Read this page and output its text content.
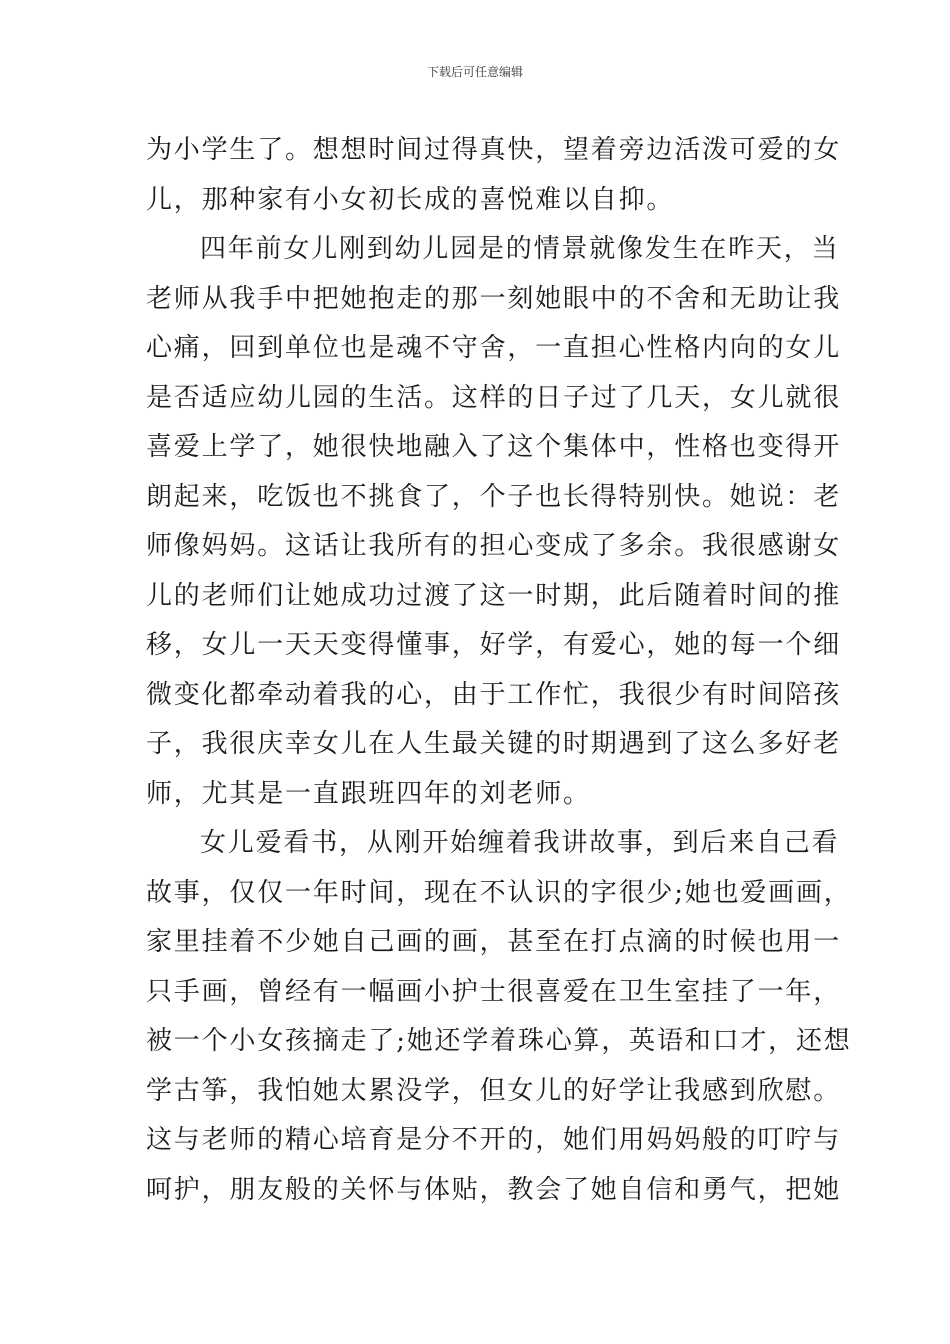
下载后可任意编辑
为小学生了。想想时间过得真快，望着旁边活泼可爱的女
儿，那种家有小女初长成的喜悦难以自抑。
四年前女儿刚到幼儿园是的情景就像发生在昨天，当
老师从我手中把她抱走的那一刻她眼中的不舍和无助让我
心痛，回到单位也是魂不守舍，一直担心性格内向的女儿
是否适应幼儿园的生活。这样的日子过了几天，女儿就很
喜爱上学了，她很快地融入了这个集体中，性格也变得开
朗起来，吃饭也不挑食了，个子也长得特别快。她说：老
师像妈妈。这话让我所有的担心变成了多余。我很感谢女
儿的老师们让她成功过渡了这一时期，此后随着时间的推
移，女儿一天天变得懂事，好学，有爱心，她的每一个细
微变化都牵动着我的心，由于工作忙，我很少有时间陪孩
子，我很庆幸女儿在人生最关键的时期遇到了这么多好老
师，尤其是一直跟班四年的刘老师。
女儿爱看书，从刚开始缠着我讲故事，到后来自己看
故事，仅仅一年时间，现在不认识的字很少;她也爱画画，
家里挂着不少她自己画的画，甚至在打点滴的时候也用一
只手画，曾经有一幅画小护士很喜爱在卫生室挂了一年，
被一个小女孩摘走了;她还学着珠心算，英语和口才，还想
学古筝，我怕她太累没学，但女儿的好学让我感到欣慰。
这与老师的精心培育是分不开的，她们用妈妈般的叮咛与
呵护，朋友般的关怀与体贴，教会了她自信和勇气，把她
